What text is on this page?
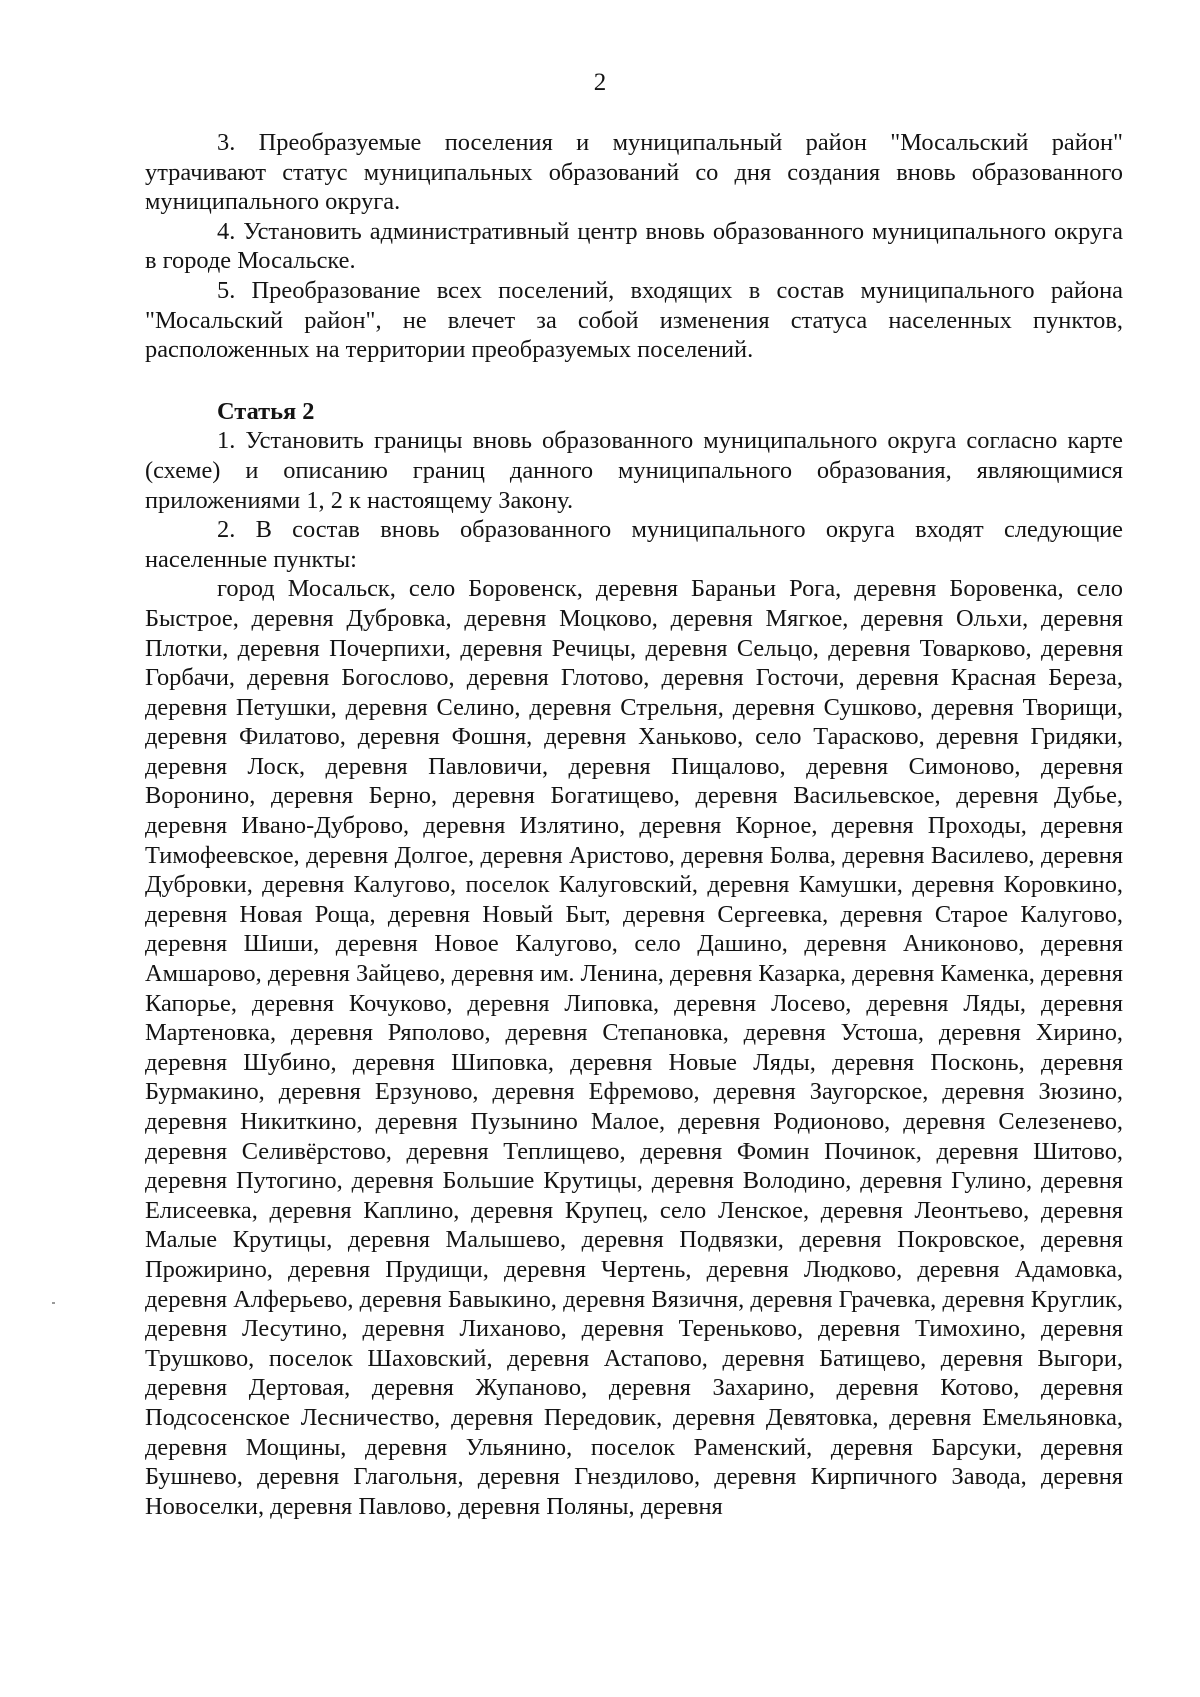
2

3. Преобразуемые поселения и муниципальный район "Мосальский район" утрачивают статус муниципальных образований со дня создания вновь образованного муниципального округа.

4. Установить административный центр вновь образованного муниципального округа в городе Мосальске.

5. Преобразование всех поселений, входящих в состав муниципального района "Мосальский район", не влечет за собой изменения статуса населенных пунктов, расположенных на территории преобразуемых поселений.

Статья 2

1. Установить границы вновь образованного муниципального округа согласно карте (схеме) и описанию границ данного муниципального образования, являющимися приложениями 1, 2 к настоящему Закону.

2. В состав вновь образованного муниципального округа входят следующие населенные пункты:

город Мосальск, село Боровенск, деревня Бараньи Рога, деревня Боровенка, село Быстрое, деревня Дубровка, деревня Моцково, деревня Мягкое, деревня Ольхи, деревня Плотки, деревня Почерпихи, деревня Речицы, деревня Сельцо, деревня Товарково, деревня Горбачи, деревня Богослово, деревня Глотово, деревня Госточи, деревня Красная Береза, деревня Петушки, деревня Селино, деревня Стрельня, деревня Сушково, деревня Творищи, деревня Филатово, деревня Фошня, деревня Ханьково, село Тарасково, деревня Гридяки, деревня Лоск, деревня Павловичи, деревня Пищалово, деревня Симоново, деревня Воронино, деревня Берно, деревня Богатищево, деревня Васильевское, деревня Дубье, деревня Ивано-Дуброво, деревня Излятино, деревня Корное, деревня Проходы, деревня Тимофеевское, деревня Долгое, деревня Аристово, деревня Болва, деревня Василево, деревня Дубровки, деревня Калугово, поселок Калуговский, деревня Камушки, деревня Коровкино, деревня Новая Роща, деревня Новый Быт, деревня Сергеевка, деревня Старое Калугово, деревня Шиши, деревня Новое Калугово, село Дашино, деревня Аниконово, деревня Амшарово, деревня Зайцево, деревня им. Ленина, деревня Казарка, деревня Каменка, деревня Капорье, деревня Кочуково, деревня Липовка, деревня Лосево, деревня Ляды, деревня Мартеновка, деревня Ряполово, деревня Степановка, деревня Устоша, деревня Хирино, деревня Шубино, деревня Шиповка, деревня Новые Ляды, деревня Посконь, деревня Бурмакино, деревня Ерзуново, деревня Ефремово, деревня Заугорское, деревня Зюзино, деревня Никиткино, деревня Пузынино Малое, деревня Родионово, деревня Селезенево, деревня Селивёрстово, деревня Теплищево, деревня Фомин Починок, деревня Шитово, деревня Путогино, деревня Большие Крутицы, деревня Володино, деревня Гулино, деревня Елисеевка, деревня Каплино, деревня Крупец, село Ленское, деревня Леонтьево, деревня Малые Крутицы, деревня Малышево, деревня Подвязки, деревня Покровское, деревня Прожирино, деревня Прудищи, деревня Чертень, деревня Людково, деревня Адамовка, деревня Алферьево, деревня Бавыкино, деревня Вязичня, деревня Грачевка, деревня Круглик, деревня Лесутино, деревня Лиханово, деревня Тереньково, деревня Тимохино, деревня Трушково, поселок Шаховский, деревня Астапово, деревня Батищево, деревня Выгори, деревня Дертовая, деревня Жупаново, деревня Захарино, деревня Котово, деревня Подсосенское Лесничество, деревня Передовик, деревня Девятовка, деревня Емельяновка, деревня Мощины, деревня Ульянино, поселок Раменский, деревня Барсуки, деревня Бушнево, деревня Глагольня, деревня Гнездилово, деревня Кирпичного Завода, деревня Новоселки, деревня Павлово, деревня Поляны, деревня
